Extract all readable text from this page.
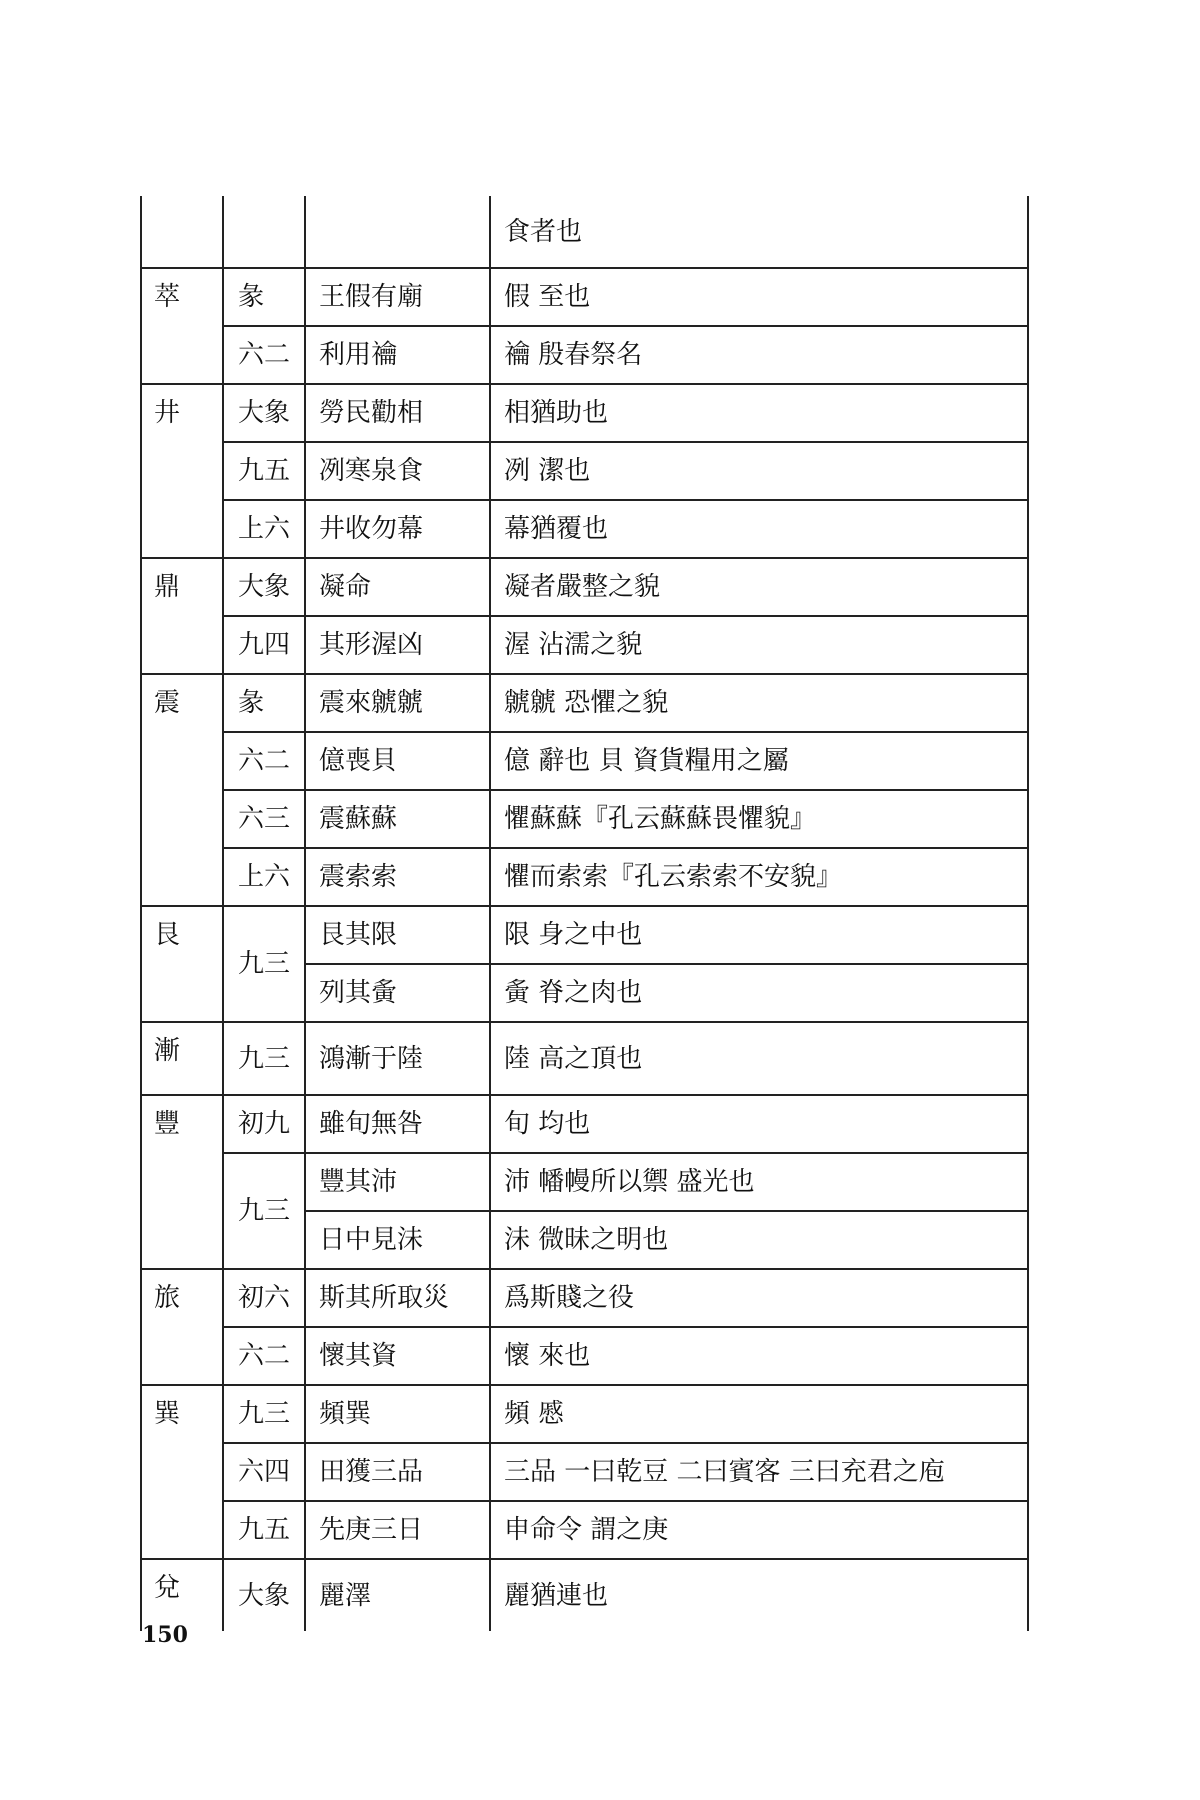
			食者也
萃	彖	王假有廟	假 至也
	六二	利用禴	禴 殷春祭名
井	大象	勞民勸相	相猶助也
	九五	冽寒泉食	冽 潔也
	上六	井收勿幕	幕猶覆也
鼎	大象	凝命	凝者嚴整之貌
	九四	其形渥凶	渥 沾濡之貌
震	彖	震來虩虩	虩虩 恐懼之貌
	六二	億喪貝	億 辭也 貝 資貨糧用之屬
	六三	震蘇蘇	懼蘇蘇『孔云蘇蘇畏懼貌』
	上六	震索索	懼而索索『孔云索索不安貌』
艮	九三	艮其限	限 身之中也
		列其夤	夤 脊之肉也
漸	九三	鴻漸于陸	陸 高之頂也
豐	初九	雖旬無咎	旬 均也
	九三	豐其沛	沛 幡幔所以禦 盛光也
		日中見沬	沬 微昧之明也
旅	初六	斯其所取災	爲斯賤之役
	六二	懷其資	懷 來也
巽	九三	頻巽	頻 慼
	六四	田獲三品	三品 一曰乾豆 二曰賓客 三曰充君之庖
	九五	先庚三日	申命令 謂之庚
兌	大象	麗澤	麗猶連也
150
